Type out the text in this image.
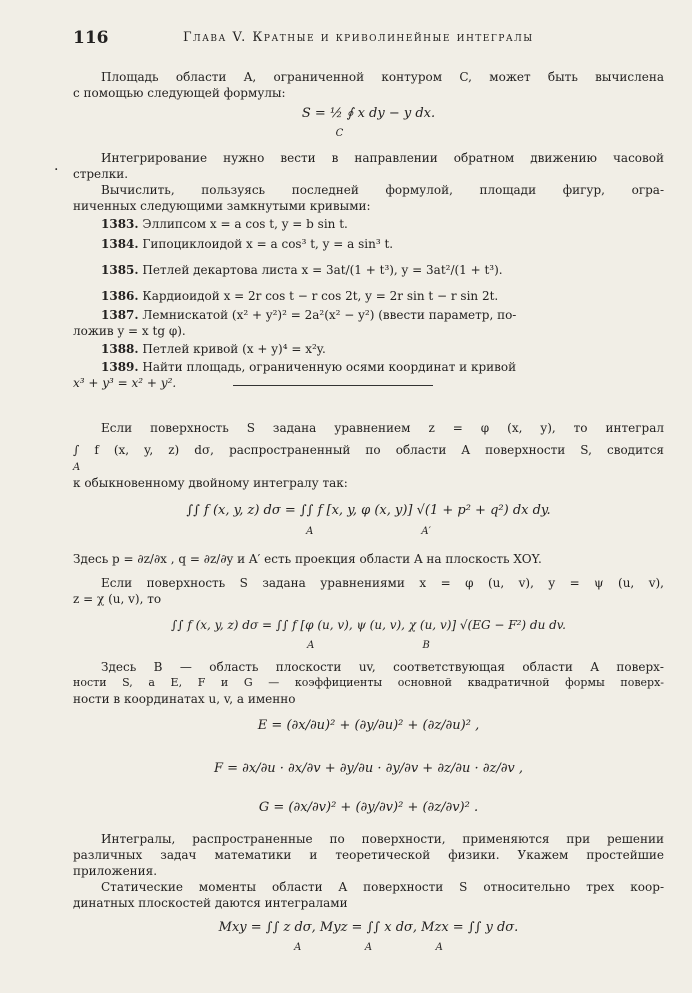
116	Глава V. Кратные и криволинейные интегралы
Площадь области A, ограниченной контуром C, может быть вычислена
с помощью следующей формулы:
S = ½ ∮ x dy − y dx.
C
.	Интегрирование нужно вести в направлении обратном движению часовой
стрелки.
Вычислить, пользуясь последней формулой, площади фигур, огра-
ниченных следующими замкнутыми кривыми:
1383. Эллипсом x = a cos t, y = b sin t.
1384. Гипоциклоидой x = a cos³ t, y = a sin³ t.
1385. Петлей декартова листа x = 3at/(1 + t³), y = 3at²/(1 + t³).
1386. Кардиоидой x = 2r cos t − r cos 2t, y = 2r sin t − r sin 2t.
1387. Лемнискатой (x² + y²)² = 2a²(x² − y²) (ввести параметр, по-
ложив y = x tg φ).
1388. Петлей кривой (x + y)⁴ = x²y.
1389. Найти площадь, ограниченную осями координат и кривой
x³ + y³ = x² + y².
Если поверхность S задана уравнением z = φ (x, y), то интеграл
∫ f (x, y, z) dσ, распространенный по области A поверхности S, сводится
A
к обыкновенному двойному интегралу так:
∫∫ f (x, y, z) dσ = ∫∫ f [x, y, φ (x, y)] √(1 + p² + q²) dx dy.
A                                  A′
Здесь p = ∂z/∂x , q = ∂z/∂y и A′ есть проекция области A на плоскость XOY.
Если поверхность S задана уравнениями x = φ (u, v), y = ψ (u, v),
z = χ (u, v), то
∫∫ f (x, y, z) dσ = ∫∫ f [φ (u, v), ψ (u, v), χ (u, v)] √(EG − F²) du dv.
A                                  B
Здесь B — область плоскости uv, соответствующая области A поверх-
ности S, а E, F и G — коэффициенты основной квадратичной формы поверх-
ности в координатах u, v, а именно
E = (∂x/∂u)² + (∂y/∂u)² + (∂z/∂u)² ,
F = ∂x/∂u · ∂x/∂v + ∂y/∂u · ∂y/∂v + ∂z/∂u · ∂z/∂v ,
G = (∂x/∂v)² + (∂y/∂v)² + (∂z/∂v)² .
Интегралы, распространенные по поверхности, применяются при решении
различных задач математики и теоретической физики. Укажем простейшие
приложения.
Статические моменты области A поверхности S относительно трех коор-
динатных плоскостей даются интегралами
Mxy = ∫∫ z dσ, Myz = ∫∫ x dσ, Mzx = ∫∫ y dσ.
A                    A                    A
